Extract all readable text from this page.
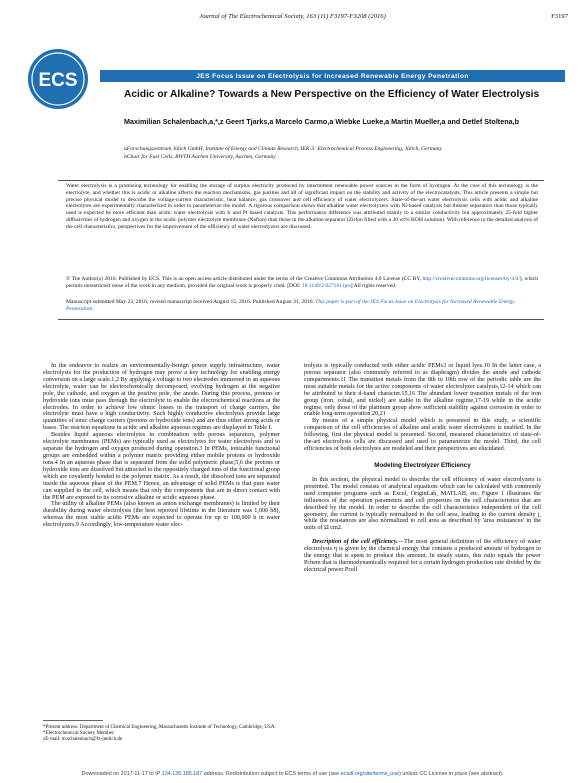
Journal of The Electrochemical Society, 163 (11) F3197-F3208 (2016)	F3197
ECS	JES Focus Issue on Electrolysis for Increased Renewable Energy Penetration
Acidic or Alkaline? Towards a New Perspective on the Efficiency of Water Electrolysis
Maximilian Schalenbach,a,*,z Geert Tjarks,a Marcelo Carmo,a Wiebke Lueke,a Martin Mueller,a and Detlef Stoltena,b

aForschungszentrum Jülich GmbH, Institute of Energy and Climate Research, IEK-3: Electrochemical Process Engineering, Jülich, Germany

bChair for Fuel Cells, RWTH Aachen University, Aachen, Germany

Water electrolysis is a promising technology for enabling the storage of surplus electricity produced by intermittent renewable power sources in the form of hydrogen. At the core of this technology is the electrolyte, and whether this is acidic or alkaline affects the reaction mechanisms, gas purities and all of significant impact on the stability and activity of the electrocatalysts. This article presents a simple but precise physical model to describe the voltage-current characteristic, heat balance, gas crossover and cell efficiency of water electrolyzers. State-of-the-art water electrolysis cells with acidic and alkaline electrolytes are experimentally characterized in order to parameterize the model. A rigorous comparison shows that alkaline water electrolyzers with Ni-based catalysts but thinner separators than those typically used is expected be more efficient than acidic water electrolysis with Ir and Pt based catalysts. This performance difference was attributed mainly to a similar conductivity but approximately 25-fold higher diffusivities of hydrogen and oxygen in the acidic polymer electrolyte membrane (Nafion) than those in the alkaline separator (Zirfon filled with a 30 wt% KOH solution). With reference to the detailed analysis of the cell characteristics, perspectives for the improvement of the efficiency of water electrolyzers are discussed.

© The Author(s) 2016. Published by ECS. This is an open access article distributed under the terms of the Creative Commons Attribution 4.0 License (CC BY, http://creativecommons.org/licenses/by/4.0/), which permits unrestricted reuse of the work in any medium, provided the original work is properly cited. [DOI: 10.1149/2.0271611jes] All rights reserved.

Manuscript submitted May 23, 2016; revised manuscript received August 15, 2016. Published August 31, 2016. This paper is part of the JES Focus Issue on Electrolysis for Increased Renewable Energy Penetration.

In the endeavor to realize an environmentally-benign power supply infrastructure, water electrolysis for the production of hydrogen may prove a key technology for enabling energy conversion on a large scale.1,2 By applying a voltage to two electrodes immersed in an aqueous electrolyte, water can be electrochemically decomposed, evolving hydrogen at the negative pole, the cathode, and oxygen at the positive pole, the anode. During this process, protons or hydroxide ions must pass through the electrolyte to enable the electrochemical reactions at the electrodes. In order to achieve low ohmic losses in the transport of charge carriers, the electrolyte must have a high conductivity. Such highly conductive electrolytes provide large quantities of ionic charge carriers (protons or hydroxide ions) and are thus either strong acids or bases. The reaction equations in acidic and alkaline aqueous regimes are displayed in Table I.

Besides liquid aqueous electrolytes in combination with porous separators, polymer electrolyte membranes (PEMs) are typically used as electrolytes for water electrolysis and to separate the hydrogen and oxygen produced during operation.3 In PEMs, ionizable functional groups are embedded within a polymer matrix providing either mobile protons or hydroxide ions.4 In an aqueous phase that is separated from the solid polymeric phase,5,6 the protons or hydroxide ions are dissolved but attracted to the oppositely charged ions of the functional group which are covalently bonded to the polymer matrix. As a result, the dissolved ions are separated inside the aqueous phase of the PEM.7 Hence, an advantage of solid PEMs is that pure water can supplied to the cell, which means that only the components that are in direct contact with the PEM are exposed to its corrosive alkaline or acidic aqueous phase.

The utility of alkaline PEMs (also known as anion exchange membranes) is limited by their durability during water electrolysis (the best reported lifetime in the literature was 1,000 h8), whereas the most stable acidic PEMs are expected to operate for up to 100,000 h in water electrolyzers.9 Accordingly, low-temperature water elec-

trolysis is typically conducted with either acidic PEMs3 or liquid lyes.10 In the latter case, a porous separator (also commonly referred to as diaphragm) divides the anode and cathode compartments.11 The transition metals from the 8th to 10th row of the periodic table are the most suitable metals for the active components of water electrolyzer catalysts,12-14 which can be attributed to their d-band character.15,16 The abundant lower transition metals of the iron group (iron, cobalt, and nickel) are stable in the alkaline regime,17-19 while in the acidic regime, only those of the platinum group show sufficient stability against corrosion in order to enable long-term operation.20,21

By means of a simple physical model which is presented in this study, a scientific comparison of the cell efficiencies of alkaline and acidic water electrolyzers is enabled. In the following, first the physical model is presented. Second, measured characteristics of state-of-the-art electrolysis cells are discussed and used to parameterize the model. Third, the cell efficiencies of both electrolytes are modeled and their perspectives are elucidated.

Modeling Electrolyzer Efficiency

In this section, the physical model to describe the cell efficiency of water electrolyzers is presented. The model consists of analytical equations which can be calculated with commonly used computer programs such as Excel, OriginLab, MATLAB, etc. Figure 1 illustrates the influences of the operation parameters and cell properties on the cell characteristics that are described by the model. In order to describe the cell characteristics independent of the cell geometry, the current is typically normalized to the cell area, leading to the current density j, while the resistances are also normalized to cell area as described by 'area resistances' in the units of Ω cm2.

Description of the cell efficiency.—The most general definition of the efficiency of water electrolysis η is given by the chemical energy that contains a produced amount of hydrogen to the energy that is spent to produce this amount. In steady states, this ratio equals the power Pchem that is thermodynamically required for a certain hydrogen production rate divided by the electrical power Pcell

*Present address: Department of Chemical Engineering, Massachusetts Institute of Technology, Cambridge, USA.

*Electrochemical Society Member.

zE-mail: m.schalenbach@fz-juelich.de

Downloaded on 2017-11-17 to IP 134.130.185.187 address. Redistribution subject to ECS terms of use (see ecsdl.org/site/terms_use) unless CC License in place (see abstract).
